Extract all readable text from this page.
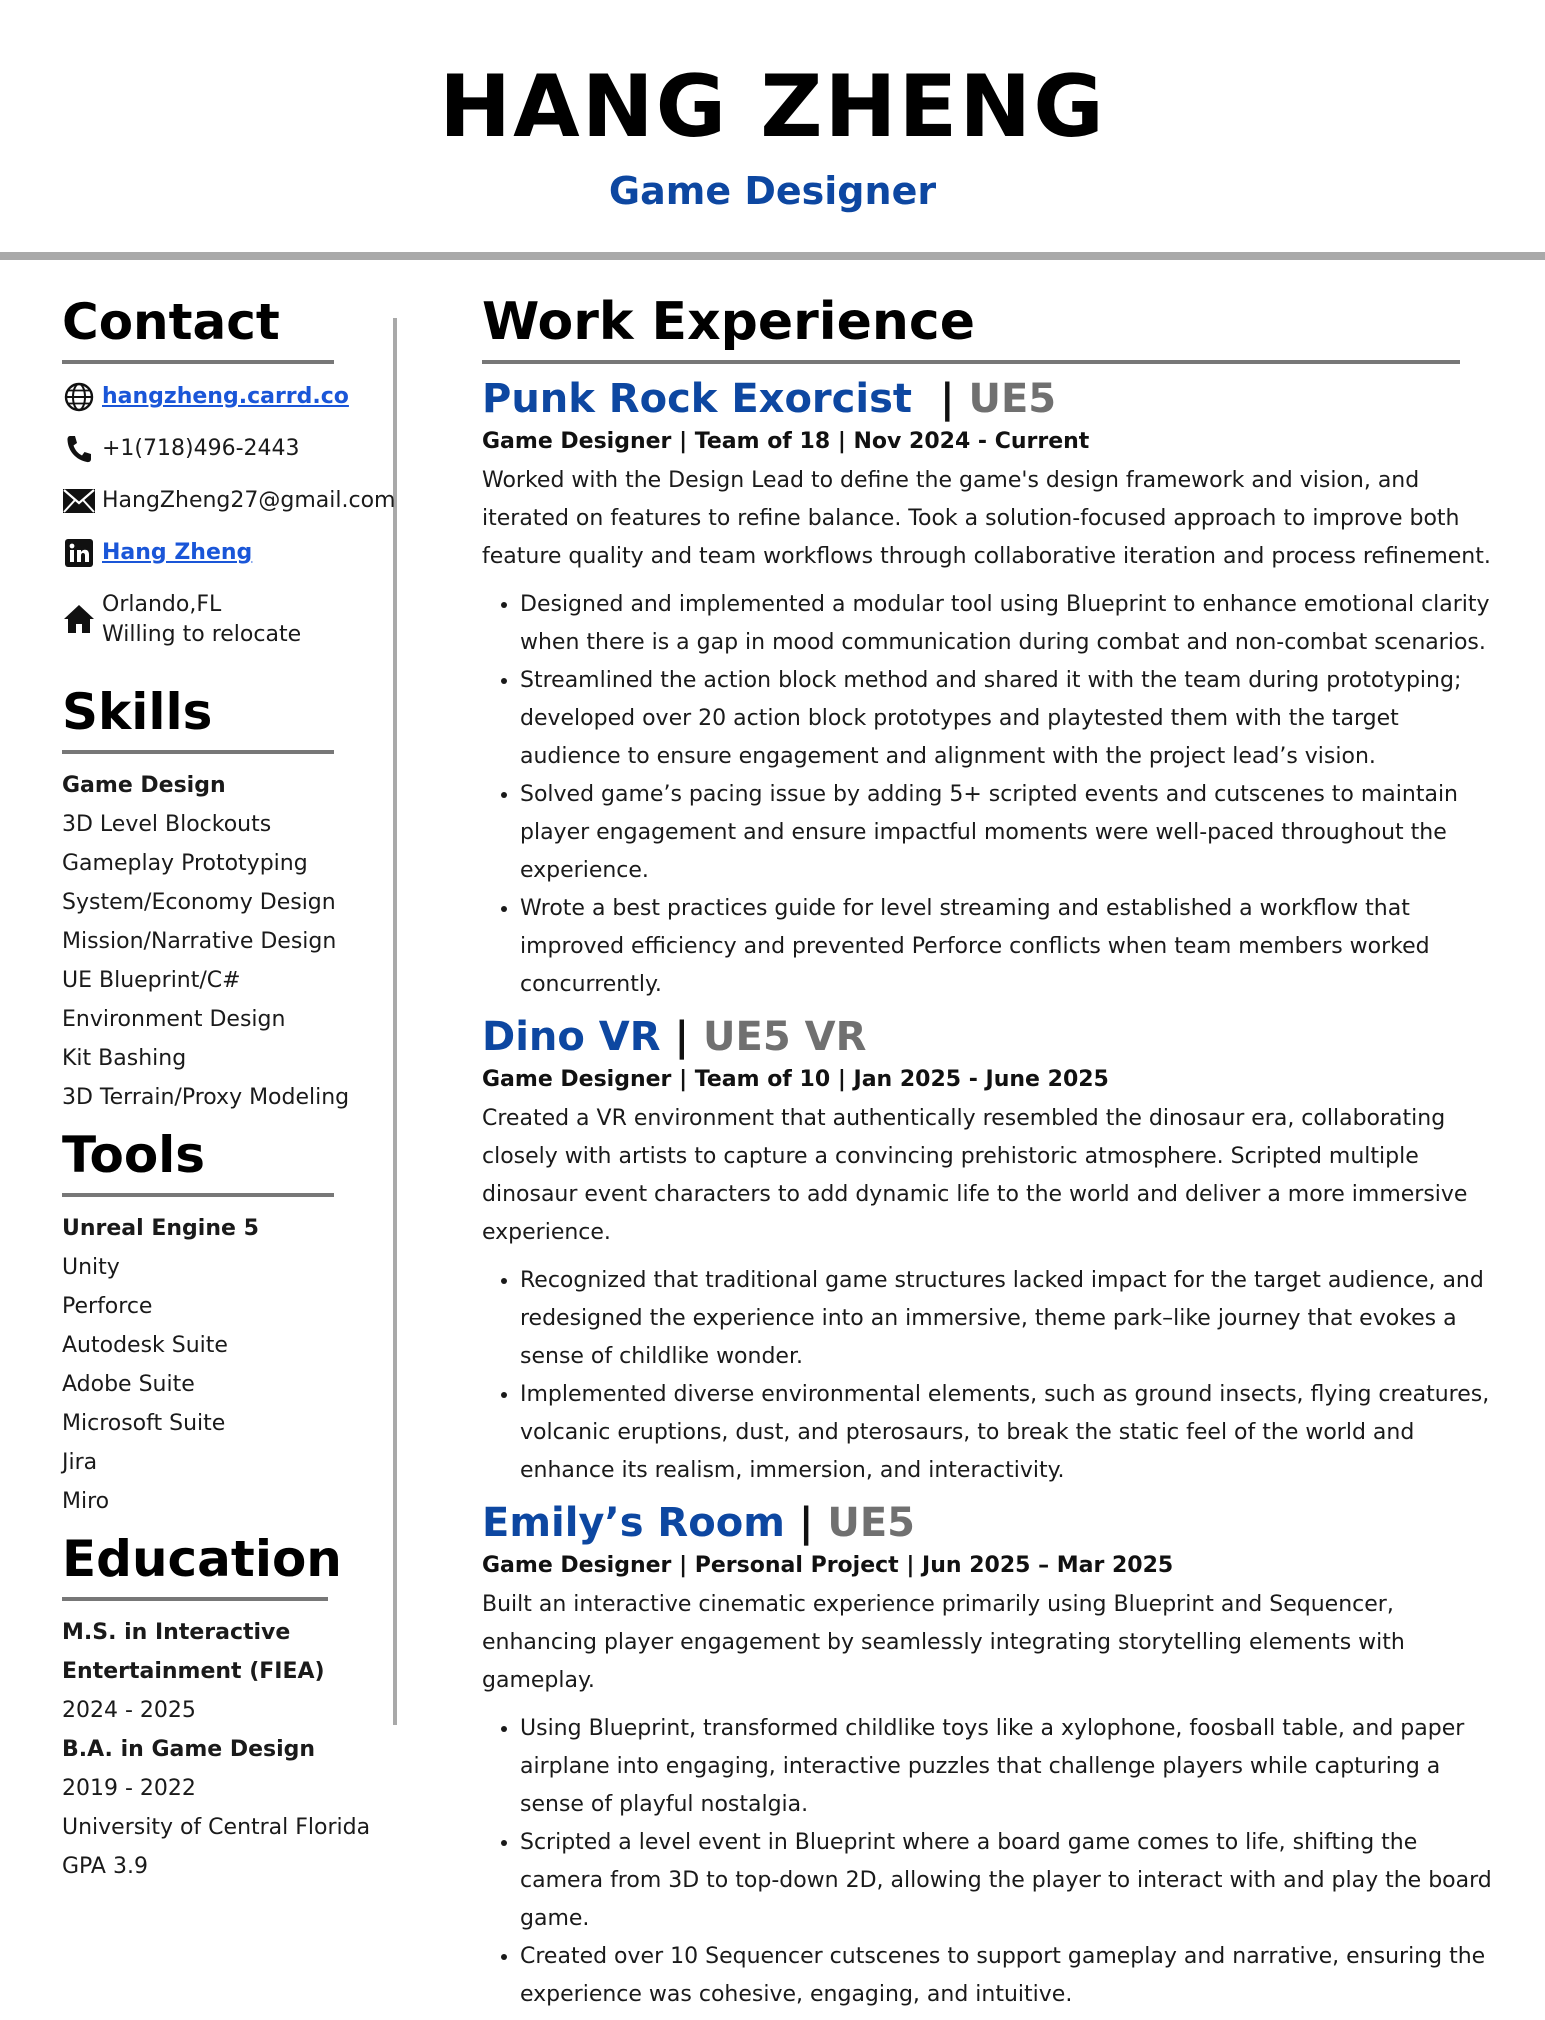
HANG ZHENG
Game Designer
Contact
hangzheng.carrd.co
+1(718)496-2443
HangZheng27@gmail.com
Hang Zheng
Orlando,FL
Willing to relocate
Skills

Game Design

3D Level Blockouts

Gameplay Prototyping

System/Economy Design

Mission/Narrative Design

UE Blueprint/C#

Environment Design

Kit Bashing

3D Terrain/Proxy Modeling

Tools

Unreal Engine 5

Unity

Perforce

Autodesk Suite

Adobe Suite

Microsoft Suite

Jira

Miro

Education

M.S. in Interactive

Entertainment (FIEA)

2024 - 2025

B.A. in Game Design

2019 - 2022

University of Central Florida

GPA 3.9

Work Experience
Punk Rock Exorcist | UE5

Game Designer | Team of 18 | Nov 2024 - Current

Worked with the Design Lead to define the game's design framework and vision, and iterated on features to refine balance. Took a solution-focused approach to improve both feature quality and team workflows through collaborative iteration and process refinement.

• Designed and implemented a modular tool using Blueprint to enhance emotional clarity when there is a gap in mood communication during combat and non-combat scenarios.
• Streamlined the action block method and shared it with the team during prototyping; developed over 20 action block prototypes and playtested them with the target audience to ensure engagement and alignment with the project lead’s vision.
• Solved game’s pacing issue by adding 5+ scripted events and cutscenes to maintain player engagement and ensure impactful moments were well-paced throughout the experience.
• Wrote a best practices guide for level streaming and established a workflow that improved efficiency and prevented Perforce conflicts when team members worked concurrently.
Dino VR | UE5 VR

Game Designer | Team of 10 | Jan 2025 - June 2025

Created a VR environment that authentically resembled the dinosaur era, collaborating closely with artists to capture a convincing prehistoric atmosphere. Scripted multiple dinosaur event characters to add dynamic life to the world and deliver a more immersive experience.

• Recognized that traditional game structures lacked impact for the target audience, and redesigned the experience into an immersive, theme park–like journey that evokes a sense of childlike wonder.
• Implemented diverse environmental elements, such as ground insects, flying creatures, volcanic eruptions, dust, and pterosaurs, to break the static feel of the world and enhance its realism, immersion, and interactivity.
Emily’s Room | UE5

Game Designer | Personal Project | Jun 2025 – Mar 2025

Built an interactive cinematic experience primarily using Blueprint and Sequencer, enhancing player engagement by seamlessly integrating storytelling elements with gameplay.

• Using Blueprint, transformed childlike toys like a xylophone, foosball table, and paper airplane into engaging, interactive puzzles that challenge players while capturing a sense of playful nostalgia.
• Scripted a level event in Blueprint where a board game comes to life, shifting the camera from 3D to top-down 2D, allowing the player to interact with and play the board game.
• Created over 10 Sequencer cutscenes to support gameplay and narrative, ensuring the experience was cohesive, engaging, and intuitive.
